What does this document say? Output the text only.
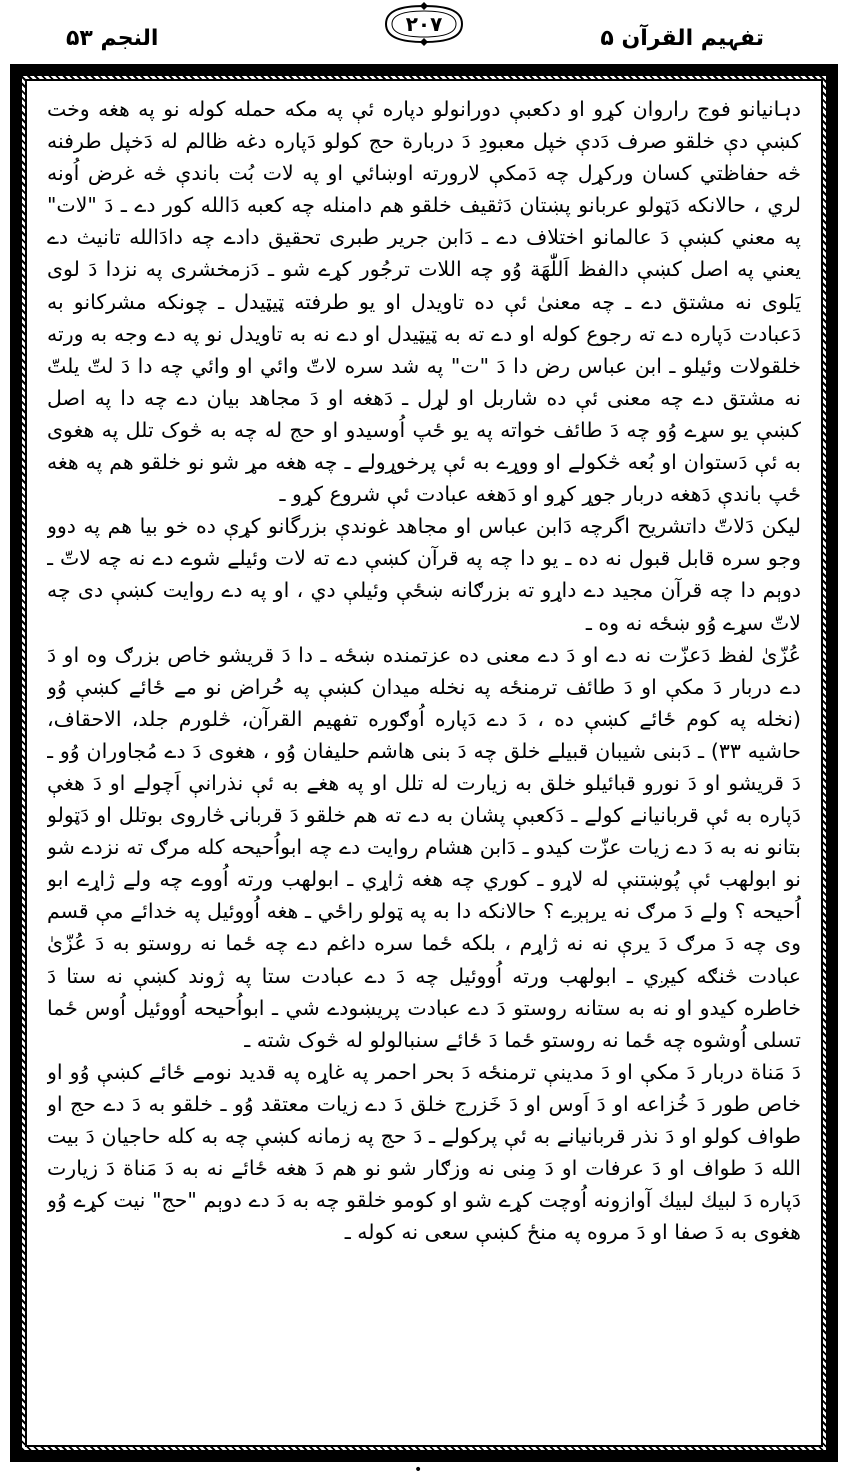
النجم ۵۳
۲۰۷
تفہیم القرآن ۵

دہانیانو فوج راروان کړو او دکعبې دورانولو دپاره ئې په مکه حمله کوله نو په هغه وخت کښې دې خلقو صرف دَدې خپل معبودِ دَ دربارة حج کولو دَپاره دغه ظالم له دَخپل طرفنه څه حفاظتي کسان ورکړل چه دَمکې لارورته اوښائي او په لات بُت باندې څه غرض اُونه لري ، حالانکه دَټولو عربانو پښتان دَثقيف خلقو هم دامنله چه کعبه دَالله کور دے ـ دَ "لات" په معني کښې دَ عالمانو اختلاف دے ـ دَابن جرير طبرى تحقيق دادے چه دادَالله تانيث دے يعني په اصل کښې دالفظ اَللّٰهَة وُو چه اللات ترجُور کړے شو ـ دَزمخشرى په نزدا دَ لوى يَلوى نه مشتق دے ـ چه معنىٰ ئې ده تاويدل او يو طرفته ټيټيدل ـ چونکه مشرکانو به دَعبادت دَپاره دے ته رجوع کوله او دے ته به ټيټيدل او دے نه به تاويدل نو په دے وجه به ورته خلقولات وئيلو ـ ابن عباس رض دا دَ "ت" په شد سره لاتّ وائي او وائي چه دا دَ لتّ يلتّ نه مشتق دے چه معنى ئې ده شاربل او لړل ـ دَهغه او دَ مجاهد بيان دے چه دا په اصل کښې يو سړے وُو چه دَ طائف خواته په يو ځپ اُوسيدو او حج له چه به څوک تلل په هغوى به ئې دَستوان او بُعه څکولے او ووړے به ئې پرخوړولے ـ چه هغه مړ شو نو خلقو هم په هغه ځپ باندې دَهغه دربار جوړ کړو او دَهغه عبادت ئې شروع کړو ـ

ليکن دَلاتّ داتشريح اگرچه دَابن عباس او مجاهد غوندې بزرگانو کړې ده خو بيا هم په دوو وجو سره قابل قبول نه ده ـ يو دا چه په قرآن کښې دے ته لات وئيلے شوے دے نه چه لاتّ ـ دوېم دا چه قرآن مجيد دے داړو ته بزرګانه ښځې وئيلې دي ، او په دے روايت کښې دى چه لاتّ سړے وُو ښځه نه وه ـ

عُزّىٰ لفظ دَعزّت نه دے او دَ دے معنى ده عزتمنده ښځه ـ دا دَ قريشو خاص بزرګ وه او دَ دے دربار دَ مکې او دَ طائف ترمنځه په نخله ميدان کښې په حُراض نو مے ځائے کښې وُو (نخله په کوم ځائے کښې ده ، دَ دے دَپاره اُوګوره تفهيم القرآن، څلورم جلد، الاحقاف، حاشيه ۳۳) ـ دَبنى شيبان قبيلے خلق چه دَ بنى هاشم حليفان وُو ، هغوى دَ دے مُجاوران وُو ـ دَ قريشو او دَ نورو قبائيلو خلق به زيارت له تلل او په هغے به ئې نذرانې اَچولے او دَ هغې دَپاره به ئې قربانيانے کولے ـ دَکعبې پشان به دے ته هم خلقو دَ قربانۍ څاروى بوتلل او دَټولو بتانو نه به دَ دے زيات عزّت کيدو ـ دَابن هشام روايت دے چه ابواُحيحه کله مرګ ته نزدے شو نو ابولهب ئې پُوښتنې له لاړو ـ کوري چه هغه ژاړي ـ ابولهب ورته اُووے چه ولے ژاړے ابو اُحيحه ؟ ولے دَ مرګ نه يرېږے ؟ حالانکه دا به په ټولو راځي ـ هغه اُووئيل په خدائے مې قسم وى چه دَ مرګ دَ يرې نه نه ژاړم ، بلکه ځما سره داغم دے چه ځما نه روستو به دَ عُزّىٰ عبادت څنګه کيږي ـ ابولهب ورته اُووئيل چه دَ دے عبادت ستا په ژوند کښې نه ستا دَ خاطره کيدو او نه به ستانه روستو دَ دے عبادت پريښودے شي ـ ابواُحيحه اُووئيل اُوس ځما تسلى اُوشوه چه ځما نه روستو ځما دَ ځائے سنبالولو له څوک شته ـ

دَ مَناة دربار دَ مکې او دَ مدينې ترمنځه دَ بحر احمر په غاړه په قديد نومے ځائے کښې وُو او خاص طور دَ خُزاعه او دَ اَوس او دَ خَزرج خلق دَ دے زيات معتقد وُو ـ خلقو به دَ دے حج او طواف کولو او دَ نذر قربانيانے به ئې پرکولے ـ دَ حج په زمانه کښې چه به کله حاجيان دَ بيت الله دَ طواف او دَ عرفات او دَ مِنى نه وزګار شو نو هم دَ هغه ځائے نه به دَ مَناة دَ زيارت دَپاره دَ لبيك لبيك آوازونه اُوچت کړے شو او کومو خلقو چه به دَ دے دوېم "حج" نيت کړے وُو هغوى به دَ صفا او دَ مروه په منځ کښې سعى نه کوله ـ

•
